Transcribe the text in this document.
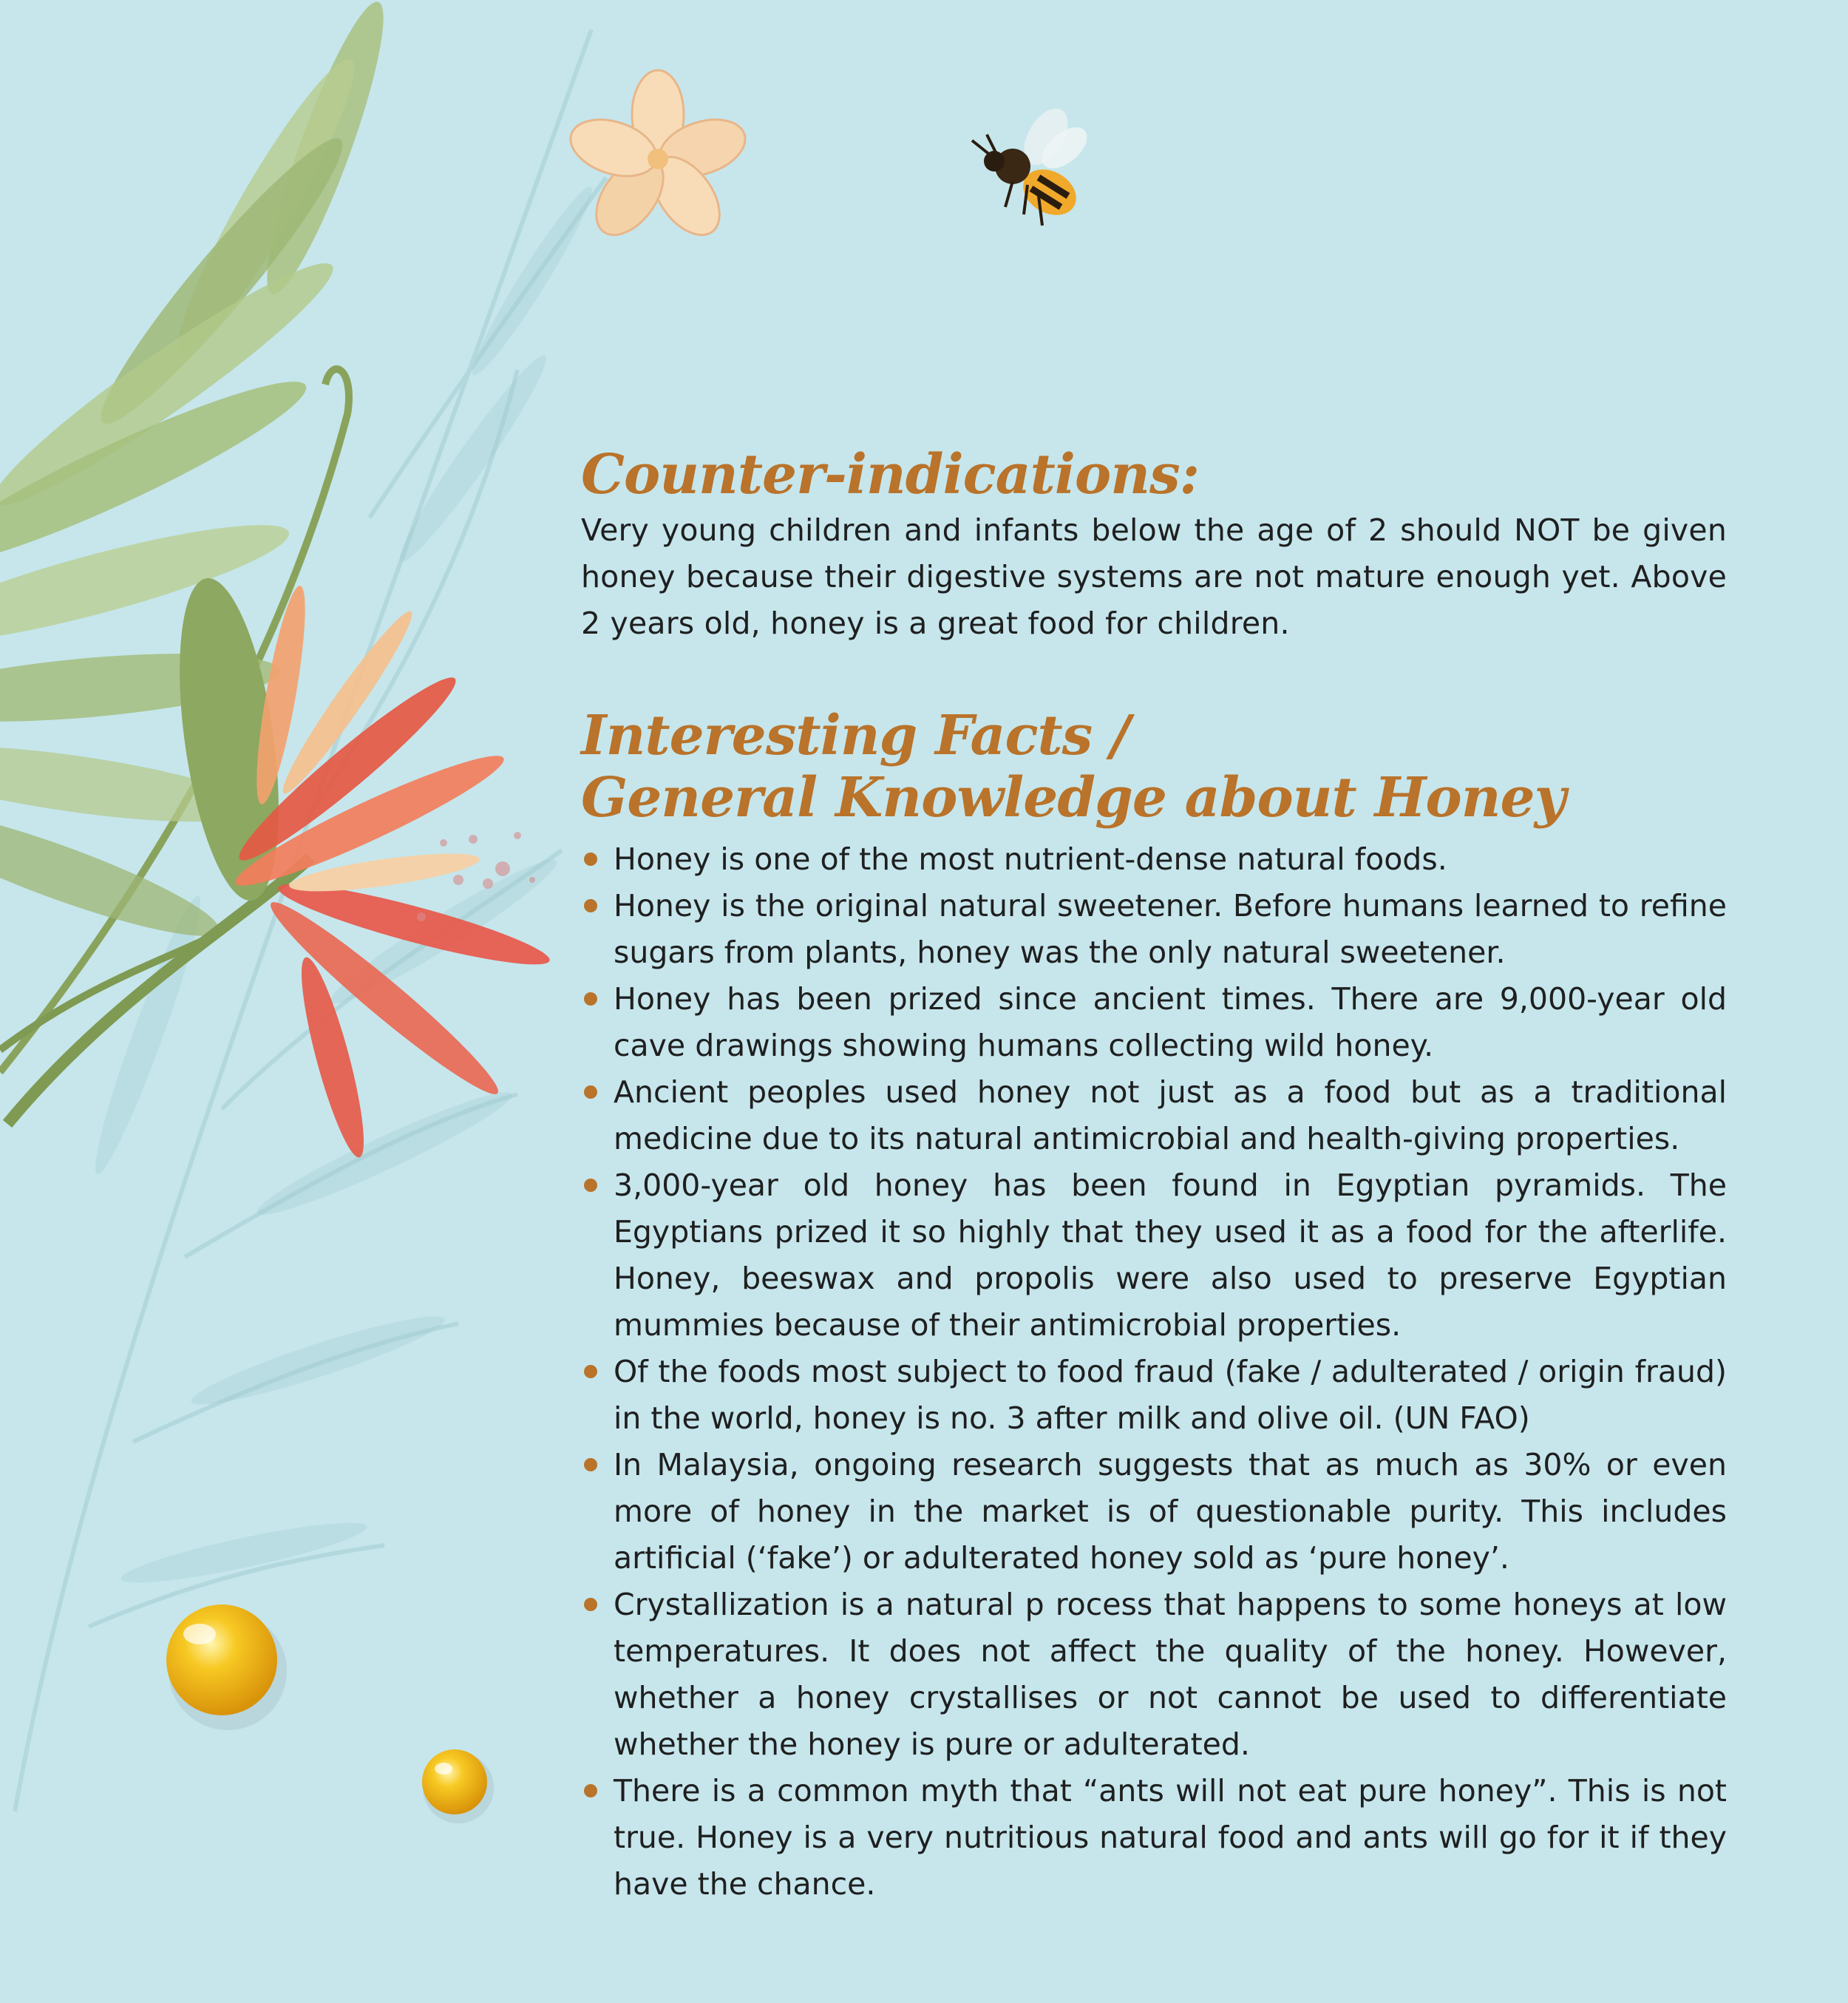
Counter-indications:

Very young children and infants below the age of 2 should NOT be given honey because their digestive systems are not mature enough yet. Above 2 years old, honey is a great food for children.

Interesting Facts /
General Knowledge about Honey
Honey is one of the most nutrient-dense natural foods.
Honey is the original natural sweetener. Before humans learned to refine sugars from plants, honey was the only natural sweetener.
Honey has been prized since ancient times. There are 9,000-year old cave drawings showing humans collecting wild honey.
Ancient peoples used honey not just as a food but as a traditional medicine due to its natural antimicrobial and health-giving properties.
3,000-year old honey has been found in Egyptian pyramids. The Egyptians prized it so highly that they used it as a food for the afterlife. Honey, beeswax and propolis were also used to preserve Egyptian mummies because of their antimicrobial properties.
Of the foods most subject to food fraud (fake / adulterated / origin fraud) in the world, honey is no. 3 after milk and olive oil. (UN FAO)
In Malaysia, ongoing research suggests that as much as 30% or even more of honey in the market is of questionable purity. This includes artificial (‘fake’) or adulterated honey sold as ‘pure honey’.
Crystallization is a natural p rocess that happens to some honeys at low temperatures. It does not affect the quality of the honey. However, whether a honey crystallises or not cannot be used to differentiate whether the honey is pure or adulterated.
There is a common myth that “ants will not eat pure honey”. This is not true. Honey is a very nutritious natural food and ants will go for it if they have the chance.
